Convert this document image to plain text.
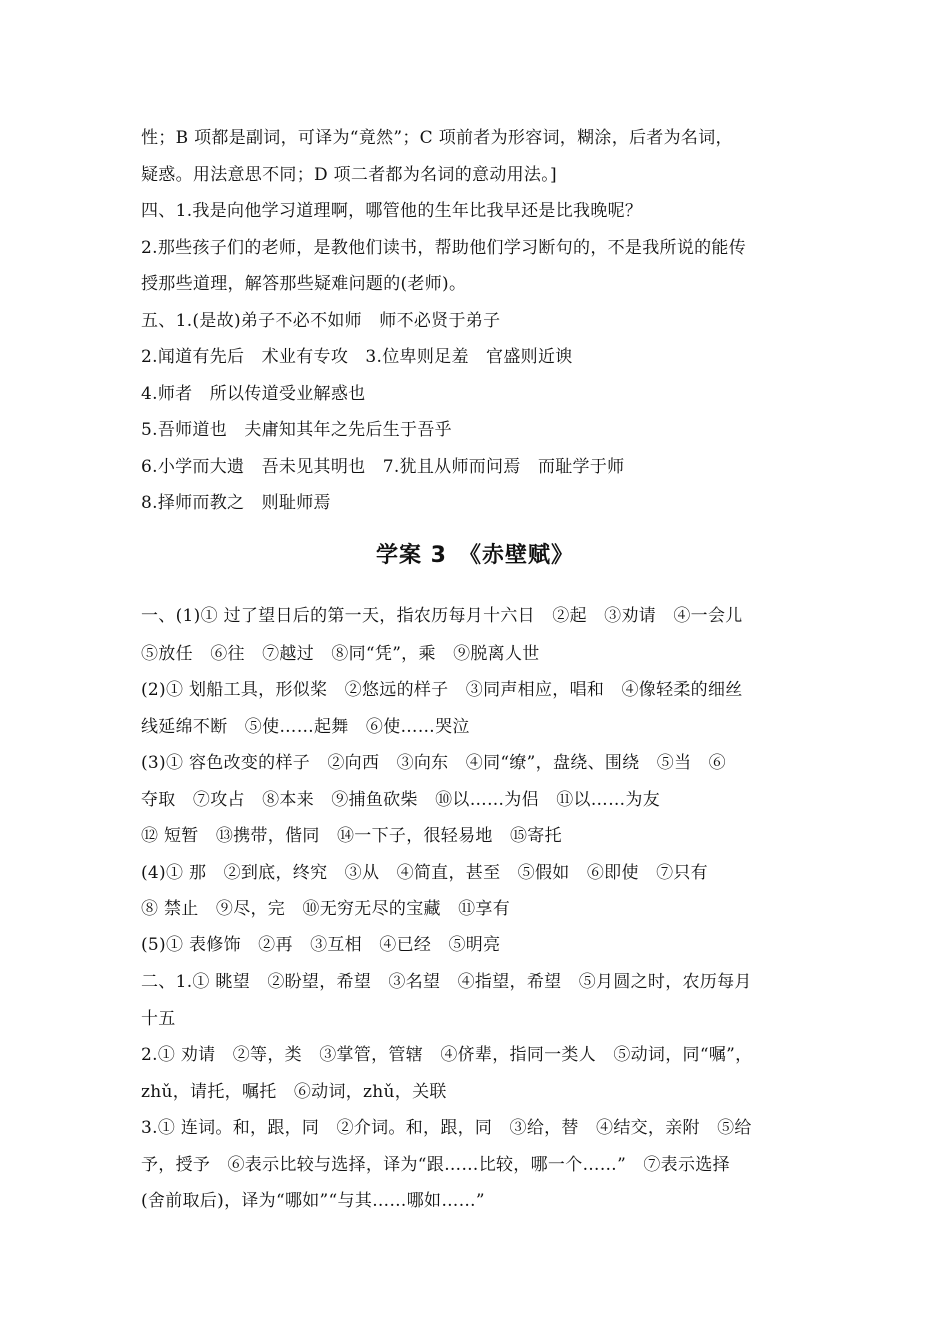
性；B 项都是副词，可译为“竟然”；C 项前者为形容词，糊涂，后者为名词，
疑惑。用法意思不同；D 项二者都为名词的意动用法。]
四、1.我是向他学习道理啊，哪管他的生年比我早还是比我晚呢？
2.那些孩子们的老师，是教他们读书，帮助他们学习断句的，不是我所说的能传
授那些道理，解答那些疑难问题的(老师)。
五、1.(是故)弟子不必不如师　师不必贤于弟子
2.闻道有先后　术业有专攻　3.位卑则足羞　官盛则近谀
4.师者　所以传道受业解惑也
5.吾师道也　夫庸知其年之先后生于吾乎
6.小学而大遗　吾未见其明也　7.犹且从师而问焉　而耻学于师
8.择师而教之　则耻师焉
学案 3　《赤壁赋》
一、(1)① 过了望日后的第一天，指农历每月十六日　②起　③劝请　④一会儿
⑤放任　⑥往　⑦越过　⑧同“凭”，乘　⑨脱离人世
(2)① 划船工具，形似桨　②悠远的样子　③同声相应，唱和　④像轻柔的细丝
线延绵不断　⑤使……起舞　⑥使……哭泣
(3)① 容色改变的样子　②向西　③向东　④同“缭”，盘绕、围绕　⑤当　⑥
夺取　⑦攻占　⑧本来　⑨捕鱼砍柴　⑩以……为侣　⑪以……为友
⑫ 短暂　⑬携带，偕同　⑭一下子，很轻易地　⑮寄托
(4)① 那　②到底，终究　③从　④简直，甚至　⑤假如　⑥即使　⑦只有
⑧ 禁止　⑨尽，完　⑩无穷无尽的宝藏　⑪享有
(5)① 表修饰　②再　③互相　④已经　⑤明亮
二、1.① 眺望　②盼望，希望　③名望　④指望，希望　⑤月圆之时，农历每月
十五
2.① 劝请　②等，类　③掌管，管辖　④侪辈，指同一类人　⑤动词，同“嘱”，
zhǔ，请托，嘱托　⑥动词，zhǔ，关联
3.① 连词。和，跟，同　②介词。和，跟，同　③给，替　④结交，亲附　⑤给
予，授予　⑥表示比较与选择，译为“跟……比较，哪一个……”　⑦表示选择
(舍前取后)，译为“哪如”“与其……哪如……”
